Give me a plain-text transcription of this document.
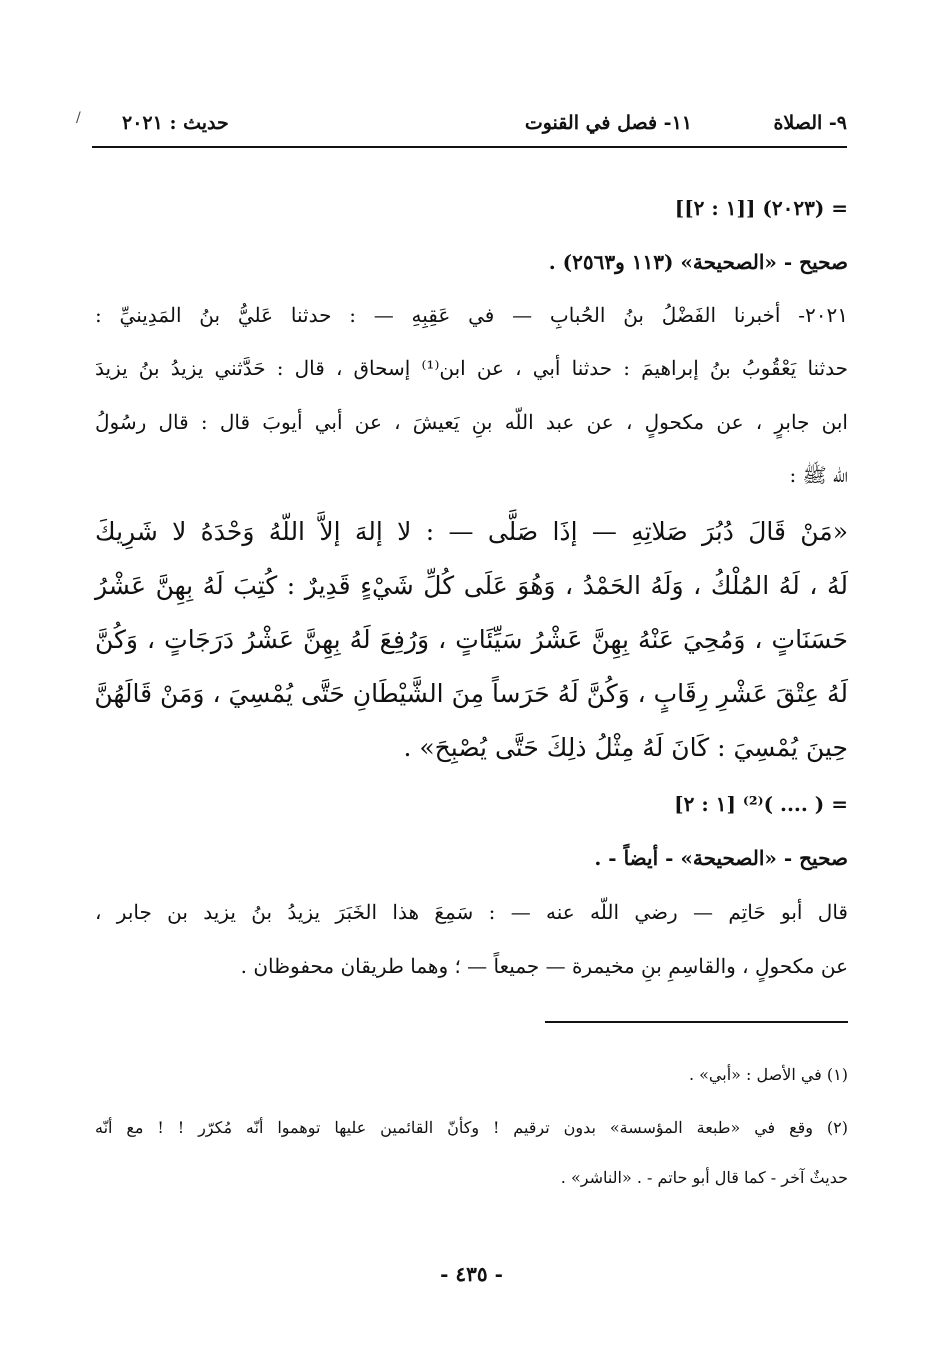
٩- الصلاة
١١- فصل في القنوت
حديث : ٢٠٢١
/
= (٢٠٢٣) [[١ : ٢]]
صحيح - «الصحيحة» (١١٣ و٢٥٦٣) .
٢٠٢١- أخبرنا الفَضْلُ بنُ الحُبابِ — في عَقِبِهِ — : حدثنا عَليُّ بنُ المَدِينيِّ :
حدثنا يَعْقُوبُ بنُ إبراهيمَ : حدثنا أبي ، عن ابن⁽¹⁾ إسحاق ، قال : حَدَّثني يزيدُ بنُ يزيدَ
ابن جابرٍ ، عن مكحولٍ ، عن عبد اللّه بنِ يَعيشَ ، عن أبي أيوبَ قال : قال رسُولُ
اللّه ﷺ :
«مَنْ قَالَ دُبُرَ صَلاتِهِ — إذَا صَلَّى — : لا إلهَ إلاَّ اللّهُ وَحْدَهُ لا شَرِيكَ
لَهُ ، لَهُ المُلْكُ ، وَلَهُ الحَمْدُ ، وَهُوَ عَلَى كُلِّ شَيْءٍ قَدِيرٌ : كُتِبَ لَهُ بِهِنَّ عَشْرُ
حَسَنَاتٍ ، وَمُحِيَ عَنْهُ بِهِنَّ عَشْرُ سَيِّئَاتٍ ، وَرُفِعَ لَهُ بِهِنَّ عَشْرُ دَرَجَاتٍ ، وَكُنَّ
لَهُ عِتْقَ عَشْرِ رِقَابٍ ، وَكُنَّ لَهُ حَرَساً مِنَ الشَّيْطَانِ حَتَّى يُمْسِيَ ، وَمَنْ قَالَهُنَّ
حِينَ يُمْسِيَ : كَانَ لَهُ مِثْلُ ذلِكَ حَتَّى يُصْبِحَ» .
= ( .... )⁽²⁾ [١ : ٢]
صحيح - «الصحيحة» - أيضاً - .
قال أبو حَاتِم — رضي اللّه عنه — : سَمِعَ هذا الخَبَرَ يزيدُ بنُ يزيد بن جابر ،
عن مكحولٍ ، والقاسِمِ بنِ مخيمرة — جميعاً — ؛ وهما طريقان محفوظان .
(١) في الأصل : «أبي» .
(٢) وقع في «طبعة المؤسسة» بدون ترقيم ! وكأنّ القائمين عليها توهموا أنّه مُكرّر ! ! مع أنّه
حديثٌ آخر - كما قال أبو حاتم - . «الناشر» .
- ٤٣٥ -
